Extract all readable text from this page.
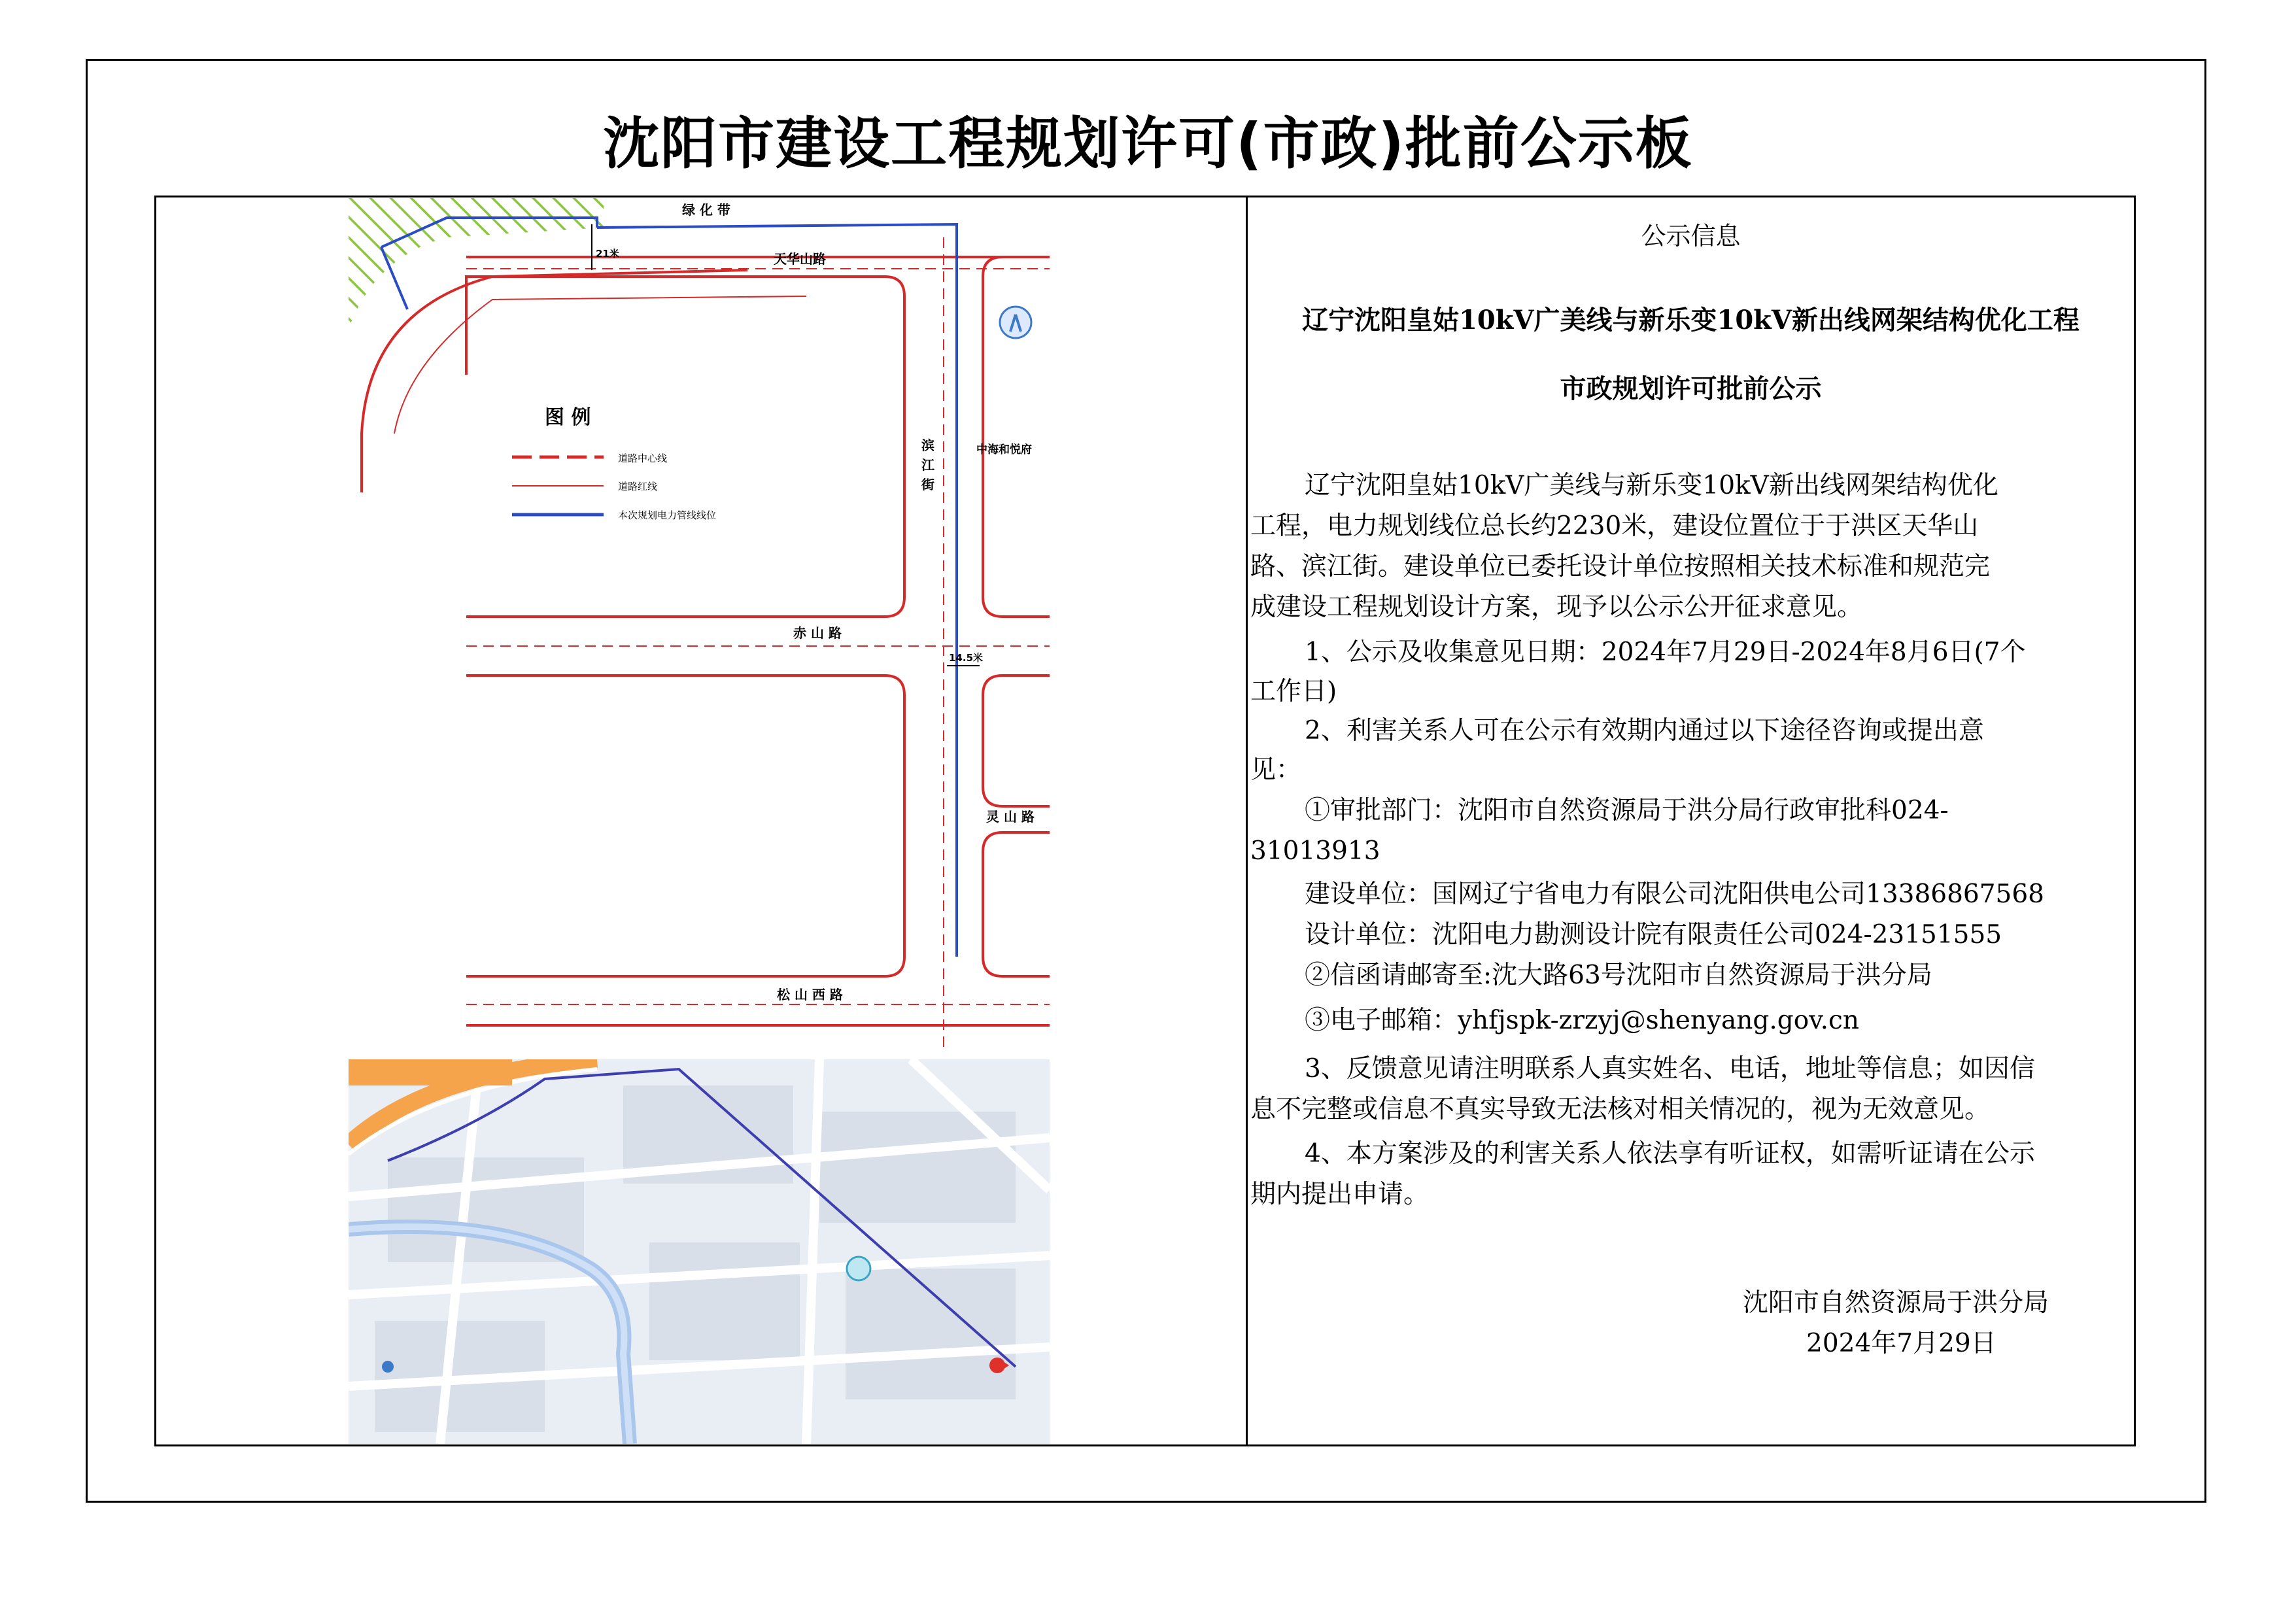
沈阳市建设工程规划许可(市政)批前公示板
图 例
道路中心线
道路红线
本次规划电力管线线位
绿 化 带
天华山路
21米
赤 山 路
14.5米
松 山 西 路
灵 山 路
中海和悦府
滨
江
街
公示信息
辽宁沈阳皇姑10kV广美线与新乐变10kV新出线网架结构优化工程
市政规划许可批前公示
辽宁沈阳皇姑10kV广美线与新乐变10kV新出线网架结构优化
工程，电力规划线位总长约2230米，建设位置位于于洪区天华山
路、滨江街。建设单位已委托设计单位按照相关技术标准和规范完
成建设工程规划设计方案，现予以公示公开征求意见。
1、公示及收集意见日期：2024年7月29日-2024年8月6日(7个
工作日)
2、利害关系人可在公示有效期内通过以下途径咨询或提出意
见：
①审批部门：沈阳市自然资源局于洪分局行政审批科024-
31013913
建设单位：国网辽宁省电力有限公司沈阳供电公司13386867568
设计单位：沈阳电力勘测设计院有限责任公司024-23151555
②信函请邮寄至:沈大路63号沈阳市自然资源局于洪分局
③电子邮箱：yhfjspk-zrzyj@shenyang.gov.cn
3、反馈意见请注明联系人真实姓名、电话，地址等信息；如因信
息不完整或信息不真实导致无法核对相关情况的，视为无效意见。
4、本方案涉及的利害关系人依法享有听证权，如需听证请在公示
期内提出申请。
沈阳市自然资源局于洪分局
2024年7月29日
